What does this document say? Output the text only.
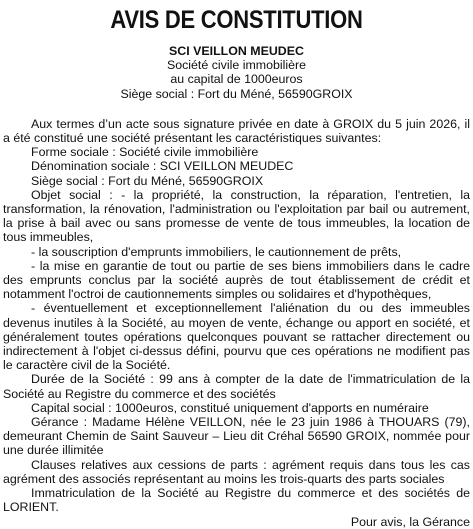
AVIS DE CONSTITUTION
SCI VEILLON MEUDEC
Société civile immobilière
au capital de 1000euros
Siège social : Fort du Méné, 56590GROIX

Aux termes d’un acte sous signature privée en date à GROIX du 5 juin 2026, il a été constitué une société présentant les caractéristiques suivantes:

Forme sociale : Société civile immobilière

Dénomination sociale : SCI VEILLON MEUDEC

Siège social : Fort du Méné, 56590GROIX

Objet social : - la propriété, la construction, la réparation, l'entretien, la transformation, la rénovation, l'administration ou l'exploitation par bail ou autrement, la prise à bail avec ou sans promesse de vente de tous immeubles, la location de tous immeubles,

- la souscription d'emprunts immobiliers, le cautionnement de prêts,

- la mise en garantie de tout ou partie de ses biens immobiliers dans le cadre des emprunts conclus par la société auprès de tout établissement de crédit et notamment l'octroi de cautionnements simples ou solidaires et d'hypothèques,

- éventuellement et exceptionnellement l'aliénation du ou des immeubles devenus inutiles à la Société, au moyen de vente, échange ou apport en société, et généralement toutes opérations quelconques pouvant se rattacher directement ou indirectement à l'objet ci-dessus défini, pourvu que ces opérations ne modifient pas le caractère civil de la Société.

Durée de la Société : 99 ans à compter de la date de l'immatriculation de la Société au Registre du commerce et des sociétés

Capital social : 1000euros, constitué uniquement d'apports en numéraire

Gérance : Madame Hélène VEILLON, née le 23 juin 1986 à THOUARS (79), demeurant Chemin de Saint Sauveur – Lieu dit Créhal 56590 GROIX, nommée pour une durée illimitée

Clauses relatives aux cessions de parts : agrément requis dans tous les cas agrément des associés représentant au moins les trois-quarts des parts sociales

Immatriculation de la Société au Registre du commerce et des sociétés de LORIENT.

Pour avis, la Gérance
